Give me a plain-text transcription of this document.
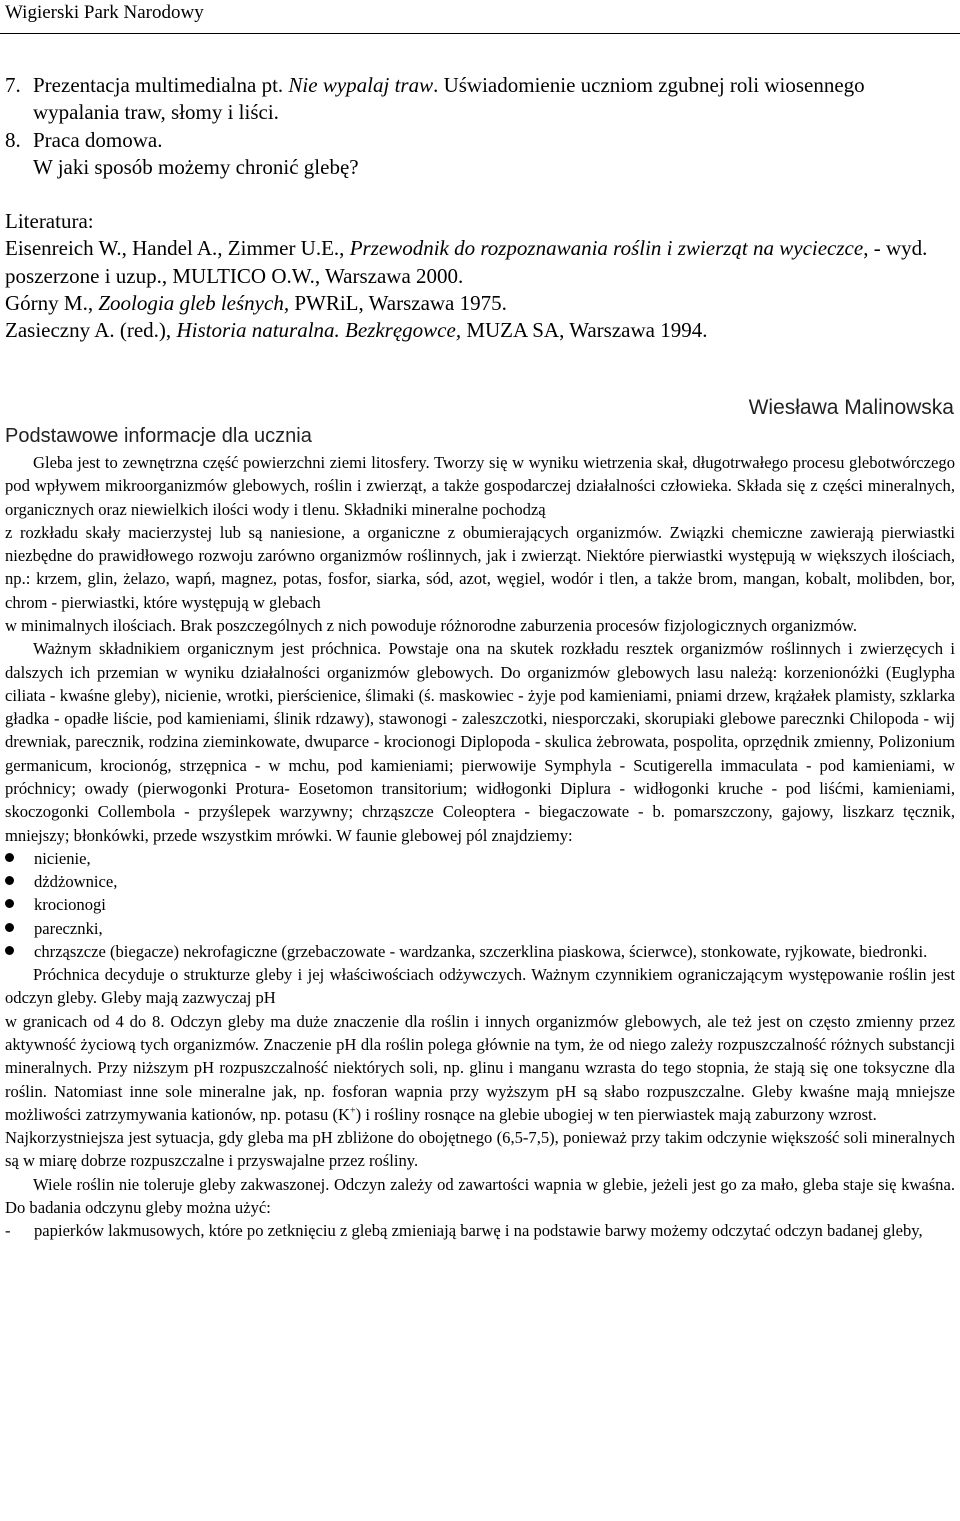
Wigierski Park Narodowy
7. Prezentacja multimedialna pt. Nie wypalaj traw. Uświadomienie uczniom zgubnej roli wiosennego wypalania traw, słomy i liści.
8. Praca domowa.

W jaki sposób możemy chronić glebę?

Literatura:

Eisenreich W., Handel A., Zimmer U.E., Przewodnik do rozpoznawania roślin i zwierząt na wycieczce, - wyd. poszerzone i uzup., MULTICO O.W., Warszawa 2000.

Górny M., Zoologia gleb leśnych, PWRiL, Warszawa 1975.

Zasieczny A. (red.), Historia naturalna. Bezkręgowce, MUZA SA, Warszawa 1994.

Wiesława Malinowska
Podstawowe informacje dla ucznia

Gleba jest to zewnętrzna część powierzchni ziemi litosfery. Tworzy się w wyniku wietrzenia skał, długotrwałego procesu glebotwórczego pod wpływem mikroorganizmów glebowych, roślin i zwierząt, a także gospodarczej działalności człowieka. Składa się z części mineralnych, organicznych oraz niewielkich ilości wody i tlenu. Składniki mineralne pochodzą

z rozkładu skały macierzystej lub są naniesione, a organiczne z obumierających organizmów. Związki chemiczne zawierają pierwiastki niezbędne do prawidłowego rozwoju zarówno organizmów roślinnych, jak i zwierząt. Niektóre pierwiastki występują w większych ilościach, np.: krzem, glin, żelazo, wapń, magnez, potas, fosfor, siarka, sód, azot, węgiel, wodór i tlen, a także brom, mangan, kobalt, molibden, bor, chrom - pierwiastki, które występują w glebach

w minimalnych ilościach. Brak poszczególnych z nich powoduje różnorodne zaburzenia procesów fizjologicznych organizmów.

Ważnym składnikiem organicznym jest próchnica. Powstaje ona na skutek rozkładu resztek organizmów roślinnych i zwierzęcych i dalszych ich przemian w wyniku działalności organizmów glebowych. Do organizmów glebowych lasu należą: korzenionóżki (Euglypha ciliata - kwaśne gleby), nicienie, wrotki, pierścienice, ślimaki (ś. maskowiec - żyje pod kamieniami, pniami drzew, krążałek plamisty, szklarka gładka - opadłe liście, pod kamieniami, ślinik rdzawy), stawonogi - zaleszczotki, niesporczaki, skorupiaki glebowe parecznki Chilopoda - wij drewniak, parecznik, rodzina zieminkowate, dwuparce - krocionogi Diplopoda - skulica żebrowata, pospolita, oprzędnik zmienny, Polizonium germanicum, krocionóg, strzępnica - w mchu, pod kamieniami; pierwowije Symphyla - Scutigerella immaculata - pod kamieniami, w próchnicy; owady (pierwogonki Protura- Eosetomon transitorium; widłogonki Diplura - widłogonki kruche - pod liśćmi, kamieniami, skoczogonki Collembola - przyślepek warzywny; chrząszcze Coleoptera - biegaczowate - b. pomarszczony, gajowy, liszkarz tęcznik, mniejszy; błonkówki, przede wszystkim mrówki. W faunie glebowej pól znajdziemy:

nicienie,
dżdżownice,
krocionogi
parecznki,
chrząszcze (biegacze) nekrofagiczne (grzebaczowate - wardzanka, szczerklina piaskowa, ścierwce), stonkowate, ryjkowate, biedronki.

Próchnica decyduje o strukturze gleby i jej właściwościach odżywczych. Ważnym czynnikiem ograniczającym występowanie roślin jest odczyn gleby. Gleby mają zazwyczaj pH

w granicach od 4 do 8. Odczyn gleby ma duże znaczenie dla roślin i innych organizmów glebowych, ale też jest on często zmienny przez aktywność życiową tych organizmów. Znaczenie pH dla roślin polega głównie na tym, że od niego zależy rozpuszczalność różnych substancji mineralnych. Przy niższym pH rozpuszczalność niektórych soli, np. glinu i manganu wzrasta do tego stopnia, że stają się one toksyczne dla roślin. Natomiast inne sole mineralne jak, np. fosforan wapnia przy wyższym pH są słabo rozpuszczalne. Gleby kwaśne mają mniejsze możliwości zatrzymywania kationów, np. potasu (K+) i rośliny rosnące na glebie ubogiej w ten pierwiastek mają zaburzony wzrost.

Najkorzystniejsza jest sytuacja, gdy gleba ma pH zbliżone do obojętnego (6,5-7,5), ponieważ przy takim odczynie większość soli mineralnych są w miarę dobrze rozpuszczalne i przyswajalne przez rośliny.

Wiele roślin nie toleruje gleby zakwaszonej. Odczyn zależy od zawartości wapnia w glebie, jeżeli jest go za mało, gleba staje się kwaśna. Do badania odczynu gleby można użyć:

- papierków lakmusowych, które po zetknięciu z glebą zmieniają barwę i na podstawie barwy możemy odczytać odczyn badanej gleby,
